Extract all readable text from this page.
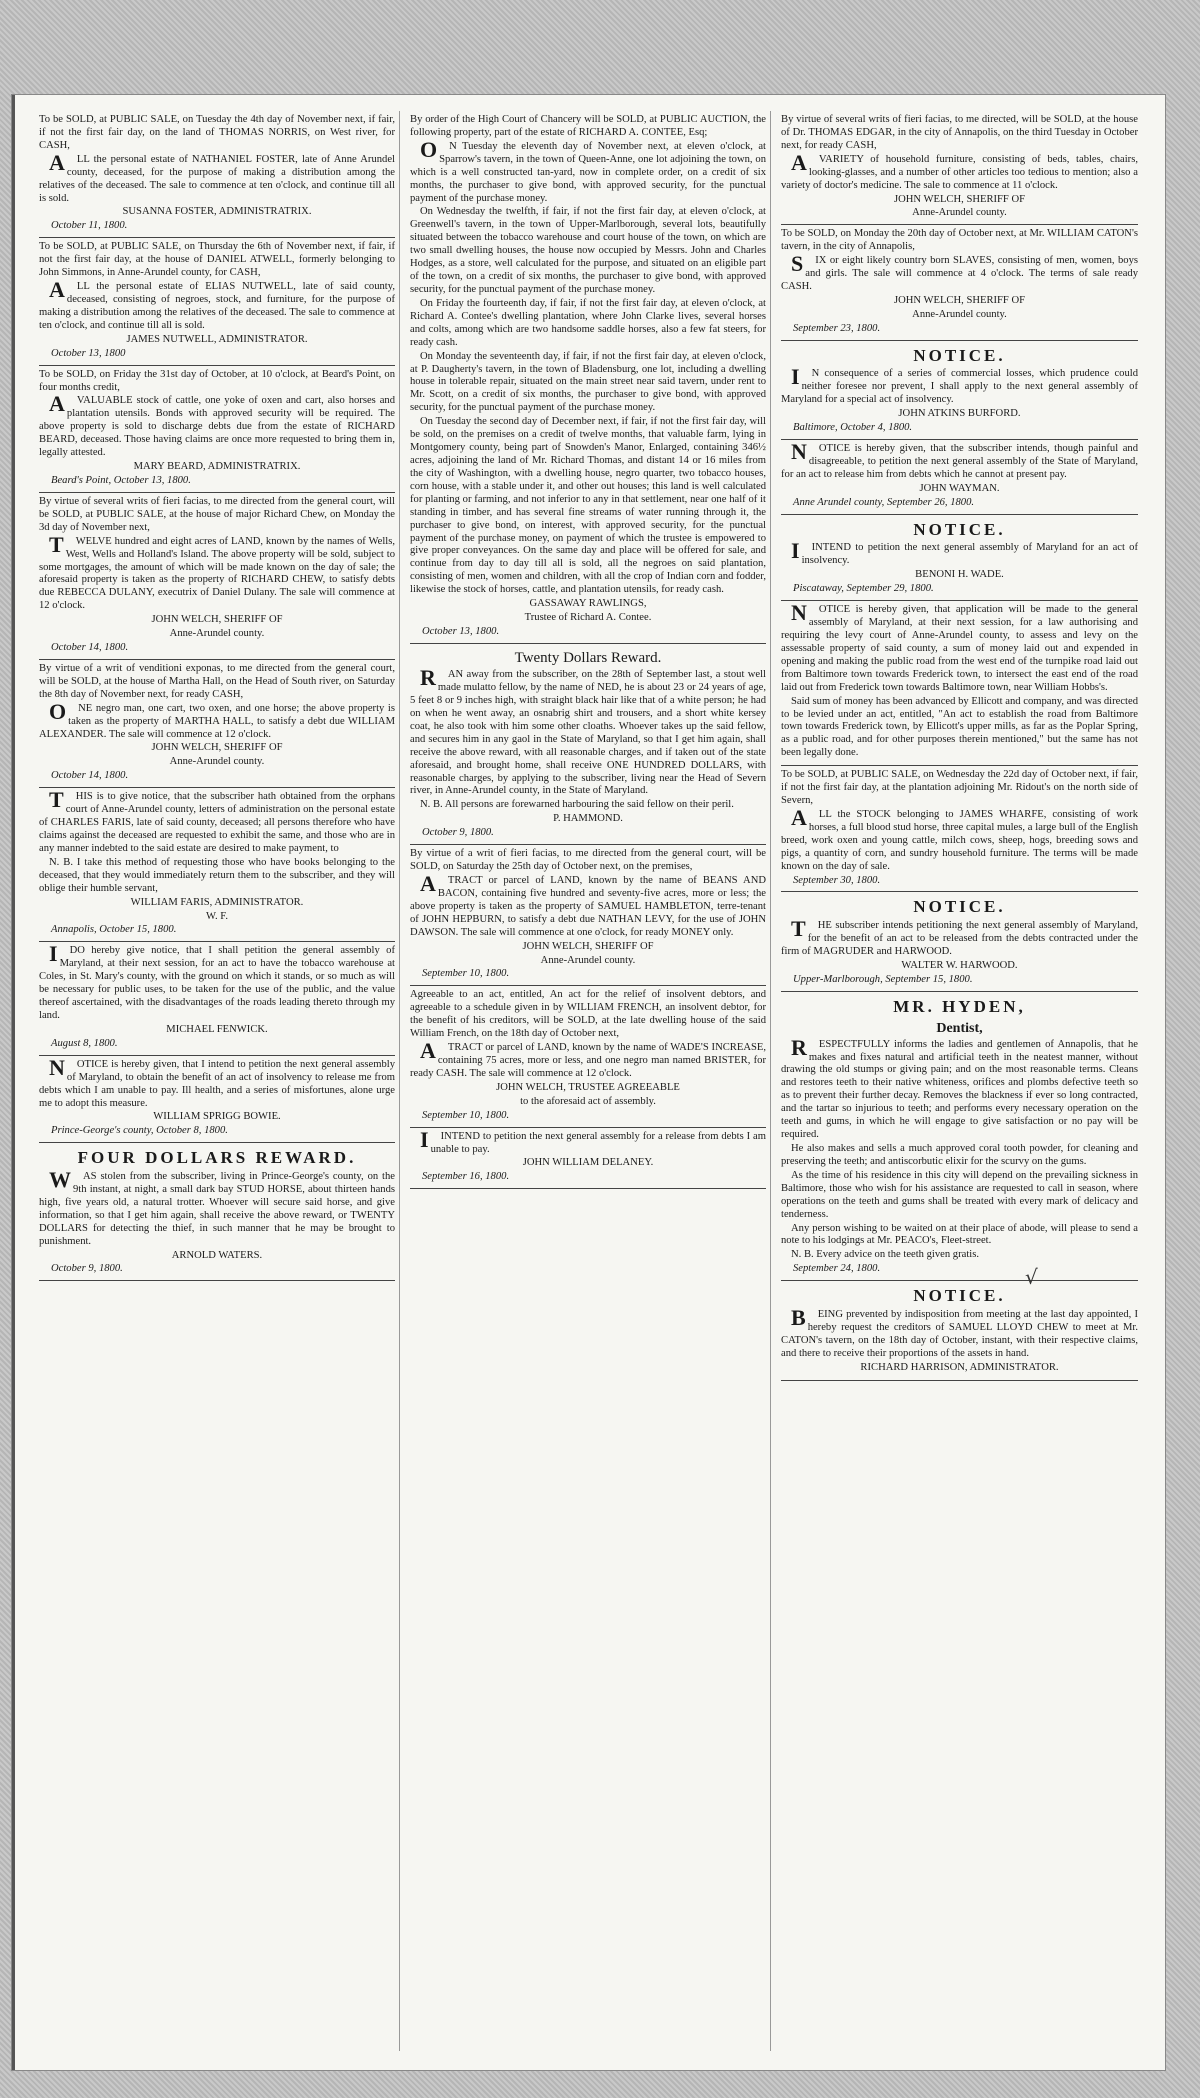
To be SOLD, at PUBLIC SALE, on Tuesday the 4th day of November next, if fair, if not the first fair day, on the land of THOMAS NORRIS, on West river, for CASH,

ALL the personal estate of NATHANIEL FOSTER, late of Anne Arundel county, deceased, for the purpose of making a distribution among the relatives of the deceased. The sale to commence at ten o'clock, and continue till all is sold.

SUSANNA FOSTER, ADMINISTRATRIX.
October 11, 1800.

To be SOLD, at PUBLIC SALE, on Thursday the 6th of November next, if fair, if not the first fair day, at the house of DANIEL ATWELL, formerly belonging to John Simmons, in Anne-Arundel county, for CASH,

ALL the personal estate of ELIAS NUTWELL, late of said county, deceased, consisting of negroes, stock, and furniture, for the purpose of making a distribution among the relatives of the deceased. The sale to commence at ten o'clock, and continue till all is sold.

JAMES NUTWELL, ADMINISTRATOR.
October 13, 1800

To be SOLD, on Friday the 31st day of October, at 10 o'clock, at Beard's Point, on four months credit,

AVALUABLE stock of cattle, one yoke of oxen and cart, also horses and plantation utensils. Bonds with approved security will be required. The above property is sold to discharge debts due from the estate of RICHARD BEARD, deceased. Those having claims are once more requested to bring them in, legally attested.

MARY BEARD, ADMINISTRATRIX.
Beard's Point, October 13, 1800.

By virtue of several writs of fieri facias, to me directed from the general court, will be SOLD, at PUBLIC SALE, at the house of major Richard Chew, on Monday the 3d day of November next,

TWELVE hundred and eight acres of LAND, known by the names of Wells, West, Wells and Holland's Island. The above property will be sold, subject to some mortgages, the amount of which will be made known on the day of sale; the aforesaid property is taken as the property of RICHARD CHEW, to satisfy debts due REBECCA DULANY, executrix of Daniel Dulany. The sale will commence at 12 o'clock.

JOHN WELCH, SHERIFF OF
Anne-Arundel county.
October 14, 1800.

By virtue of a writ of venditioni exponas, to me directed from the general court, will be SOLD, at the house of Martha Hall, on the Head of South river, on Saturday the 8th day of November next, for ready CASH,

ONE negro man, one cart, two oxen, and one horse; the above property is taken as the property of MARTHA HALL, to satisfy a debt due WILLIAM ALEXANDER. The sale will commence at 12 o'clock.

JOHN WELCH, SHERIFF OF
Anne-Arundel county.
October 14, 1800.

THIS is to give notice, that the subscriber hath obtained from the orphans court of Anne-Arundel county, letters of administration on the personal estate of CHARLES FARIS, late of said county, deceased; all persons therefore who have claims against the deceased are requested to exhibit the same, and those who are in any manner indebted to the said estate are desired to make payment, to

N. B. I take this method of requesting those who have books belonging to the deceased, that they would immediately return them to the subscriber, and they will oblige their humble servant,

WILLIAM FARIS, ADMINISTRATOR.
W. F.
Annapolis, October 15, 1800.

IDO hereby give notice, that I shall petition the general assembly of Maryland, at their next session, for an act to have the tobacco warehouse at Coles, in St. Mary's county, with the ground on which it stands, or so much as will be necessary for public uses, to be taken for the use of the public, and the value thereof ascertained, with the disadvantages of the roads leading thereto through my land.

MICHAEL FENWICK.
August 8, 1800.

NOTICE is hereby given, that I intend to petition the next general assembly of Maryland, to obtain the benefit of an act of insolvency to release me from debts which I am unable to pay. Ill health, and a series of misfortunes, alone urge me to adopt this measure.

WILLIAM SPRIGG BOWIE.
Prince-George's county, October 8, 1800.
FOUR DOLLARS REWARD.

WAS stolen from the subscriber, living in Prince-George's county, on the 9th instant, at night, a small dark bay STUD HORSE, about thirteen hands high, five years old, a natural trotter. Whoever will secure said horse, and give information, so that I get him again, shall receive the above reward, or TWENTY DOLLARS for detecting the thief, in such manner that he may be brought to punishment.

ARNOLD WATERS.
October 9, 1800.

By order of the High Court of Chancery will be SOLD, at PUBLIC AUCTION, the following property, part of the estate of RICHARD A. CONTEE, Esq;

ON Tuesday the eleventh day of November next, at eleven o'clock, at Sparrow's tavern, in the town of Queen-Anne, one lot adjoining the town, on which is a well constructed tan-yard, now in complete order, on a credit of six months, the purchaser to give bond, with approved security, for the punctual payment of the purchase money.

On Wednesday the twelfth, if fair, if not the first fair day, at eleven o'clock, at Greenwell's tavern, in the town of Upper-Marlborough, several lots, beautifully situated between the tobacco warehouse and court house of the town, on which are two small dwelling houses, the house now occupied by Messrs. John and Charles Hodges, as a store, well calculated for the purpose, and situated on an eligible part of the town, on a credit of six months, the purchaser to give bond, with approved security, for the punctual payment of the purchase money.

On Friday the fourteenth day, if fair, if not the first fair day, at eleven o'clock, at Richard A. Contee's dwelling plantation, where John Clarke lives, several horses and colts, among which are two handsome saddle horses, also a few fat steers, for ready cash.

On Monday the seventeenth day, if fair, if not the first fair day, at eleven o'clock, at P. Daugherty's tavern, in the town of Bladensburg, one lot, including a dwelling house in tolerable repair, situated on the main street near said tavern, under rent to Mr. Scott, on a credit of six months, the purchaser to give bond, with approved security, for the punctual payment of the purchase money.

On Tuesday the second day of December next, if fair, if not the first fair day, will be sold, on the premises on a credit of twelve months, that valuable farm, lying in Montgomery county, being part of Snowden's Manor, Enlarged, containing 346½ acres, adjoining the land of Mr. Richard Thomas, and distant 14 or 16 miles from the city of Washington, with a dwelling house, negro quarter, two tobacco houses, corn house, with a stable under it, and other out houses; this land is well calculated for planting or farming, and not inferior to any in that settlement, near one half of it standing in timber, and has several fine streams of water running through it, the purchaser to give bond, on interest, with approved security, for the punctual payment of the purchase money, on payment of which the trustee is empowered to give proper conveyances. On the same day and place will be offered for sale, and continue from day to day till all is sold, all the negroes on said plantation, consisting of men, women and children, with all the crop of Indian corn and fodder, likewise the stock of horses, cattle, and plantation utensils, for ready cash.

GASSAWAY RAWLINGS,
Trustee of Richard A. Contee.
October 13, 1800.
Twenty Dollars Reward.

RAN away from the subscriber, on the 28th of September last, a stout well made mulatto fellow, by the name of NED, he is about 23 or 24 years of age, 5 feet 8 or 9 inches high, with straight black hair like that of a white person; he had on when he went away, an osnabrig shirt and trousers, and a short white kersey coat, he also took with him some other cloaths. Whoever takes up the said fellow, and secures him in any gaol in the State of Maryland, so that I get him again, shall receive the above reward, with all reasonable charges, and if taken out of the state aforesaid, and brought home, shall receive ONE HUNDRED DOLLARS, with reasonable charges, by applying to the subscriber, living near the Head of Severn river, in Anne-Arundel county, in the State of Maryland.

N. B. All persons are forewarned harbouring the said fellow on their peril.

P. HAMMOND.
October 9, 1800.

By virtue of a writ of fieri facias, to me directed from the general court, will be SOLD, on Saturday the 25th day of October next, on the premises,

ATRACT or parcel of LAND, known by the name of BEANS AND BACON, containing five hundred and seventy-five acres, more or less; the above property is taken as the property of SAMUEL HAMBLETON, terre-tenant of JOHN HEPBURN, to satisfy a debt due NATHAN LEVY, for the use of JOHN DAWSON. The sale will commence at one o'clock, for ready MONEY only.

JOHN WELCH, SHERIFF OF
Anne-Arundel county.
September 10, 1800.

Agreeable to an act, entitled, An act for the relief of insolvent debtors, and agreeable to a schedule given in by WILLIAM FRENCH, an insolvent debtor, for the benefit of his creditors, will be SOLD, at the late dwelling house of the said William French, on the 18th day of October next,

ATRACT or parcel of LAND, known by the name of WADE'S INCREASE, containing 75 acres, more or less, and one negro man named BRISTER, for ready CASH. The sale will commence at 12 o'clock.

JOHN WELCH, TRUSTEE AGREEABLE
to the aforesaid act of assembly.
September 10, 1800.

IINTEND to petition the next general assembly for a release from debts I am unable to pay.

JOHN WILLIAM DELANEY.
September 16, 1800.

By virtue of several writs of fieri facias, to me directed, will be SOLD, at the house of Dr. THOMAS EDGAR, in the city of Annapolis, on the third Tuesday in October next, for ready CASH,

AVARIETY of household furniture, consisting of beds, tables, chairs, looking-glasses, and a number of other articles too tedious to mention; also a variety of doctor's medicine. The sale to commence at 11 o'clock.

JOHN WELCH, SHERIFF OF
Anne-Arundel county.

To be SOLD, on Monday the 20th day of October next, at Mr. WILLIAM CATON's tavern, in the city of Annapolis,

SIX or eight likely country born SLAVES, consisting of men, women, boys and girls. The sale will commence at 4 o'clock. The terms of sale ready CASH.

JOHN WELCH, SHERIFF OF
Anne-Arundel county.
September 23, 1800.
NOTICE.

IN consequence of a series of commercial losses, which prudence could neither foresee nor prevent, I shall apply to the next general assembly of Maryland for a special act of insolvency.

JOHN ATKINS BURFORD.
Baltimore, October 4, 1800.

NOTICE is hereby given, that the subscriber intends, though painful and disagreeable, to petition the next general assembly of the State of Maryland, for an act to release him from debts which he cannot at present pay.

JOHN WAYMAN.
Anne Arundel county, September 26, 1800.
NOTICE.

IINTEND to petition the next general assembly of Maryland for an act of insolvency.

BENONI H. WADE.
Piscataway, September 29, 1800.

NOTICE is hereby given, that application will be made to the general assembly of Maryland, at their next session, for a law authorising and requiring the levy court of Anne-Arundel county, to assess and levy on the assessable property of said county, a sum of money laid out and expended in opening and making the public road from the west end of the turnpike road laid out from Baltimore town towards Frederick town, to intersect the east end of the road laid out from Frederick town towards Baltimore town, near William Hobbs's.

Said sum of money has been advanced by Ellicott and company, and was directed to be levied under an act, entitled, "An act to establish the road from Baltimore town towards Frederick town, by Ellicott's upper mills, as far as the Poplar Spring, as a public road, and for other purposes therein mentioned," but the same has not been legally done.

To be SOLD, at PUBLIC SALE, on Wednesday the 22d day of October next, if fair, if not the first fair day, at the plantation adjoining Mr. Ridout's on the north side of Severn,

ALL the STOCK belonging to JAMES WHARFE, consisting of work horses, a full blood stud horse, three capital mules, a large bull of the English breed, work oxen and young cattle, milch cows, sheep, hogs, breeding sows and pigs, a quantity of corn, and sundry household furniture. The terms will be made known on the day of sale.

September 30, 1800.
NOTICE.

THE subscriber intends petitioning the next general assembly of Maryland, for the benefit of an act to be released from the debts contracted under the firm of MAGRUDER and HARWOOD.

WALTER W. HARWOOD.
Upper-Marlborough, September 15, 1800.
MR. HYDEN,
Dentist,

RESPECTFULLY informs the ladies and gentlemen of Annapolis, that he makes and fixes natural and artificial teeth in the neatest manner, without drawing the old stumps or giving pain; and on the most reasonable terms. Cleans and restores teeth to their native whiteness, orifices and plombs defective teeth so as to prevent their further decay. Removes the blackness if ever so long contracted, and the tartar so injurious to teeth; and performs every necessary operation on the teeth and gums, in which he will engage to give satisfaction or no pay will be required.

He also makes and sells a much approved coral tooth powder, for cleaning and preserving the teeth; and antiscorbutic elixir for the scurvy on the gums.

As the time of his residence in this city will depend on the prevailing sickness in Baltimore, those who wish for his assistance are requested to call in season, where operations on the teeth and gums shall be treated with every mark of delicacy and tenderness.

Any person wishing to be waited on at their place of abode, will please to send a note to his lodgings at Mr. PEACO's, Fleet-street.

N. B. Every advice on the teeth given gratis.

September 24, 1800.
NOTICE.

BEING prevented by indisposition from meeting at the last day appointed, I hereby request the creditors of SAMUEL LLOYD CHEW to meet at Mr. CATON's tavern, on the 18th day of October, instant, with their respective claims, and there to receive their proportions of the assets in hand.

RICHARD HARRISON, ADMINISTRATOR.
√
